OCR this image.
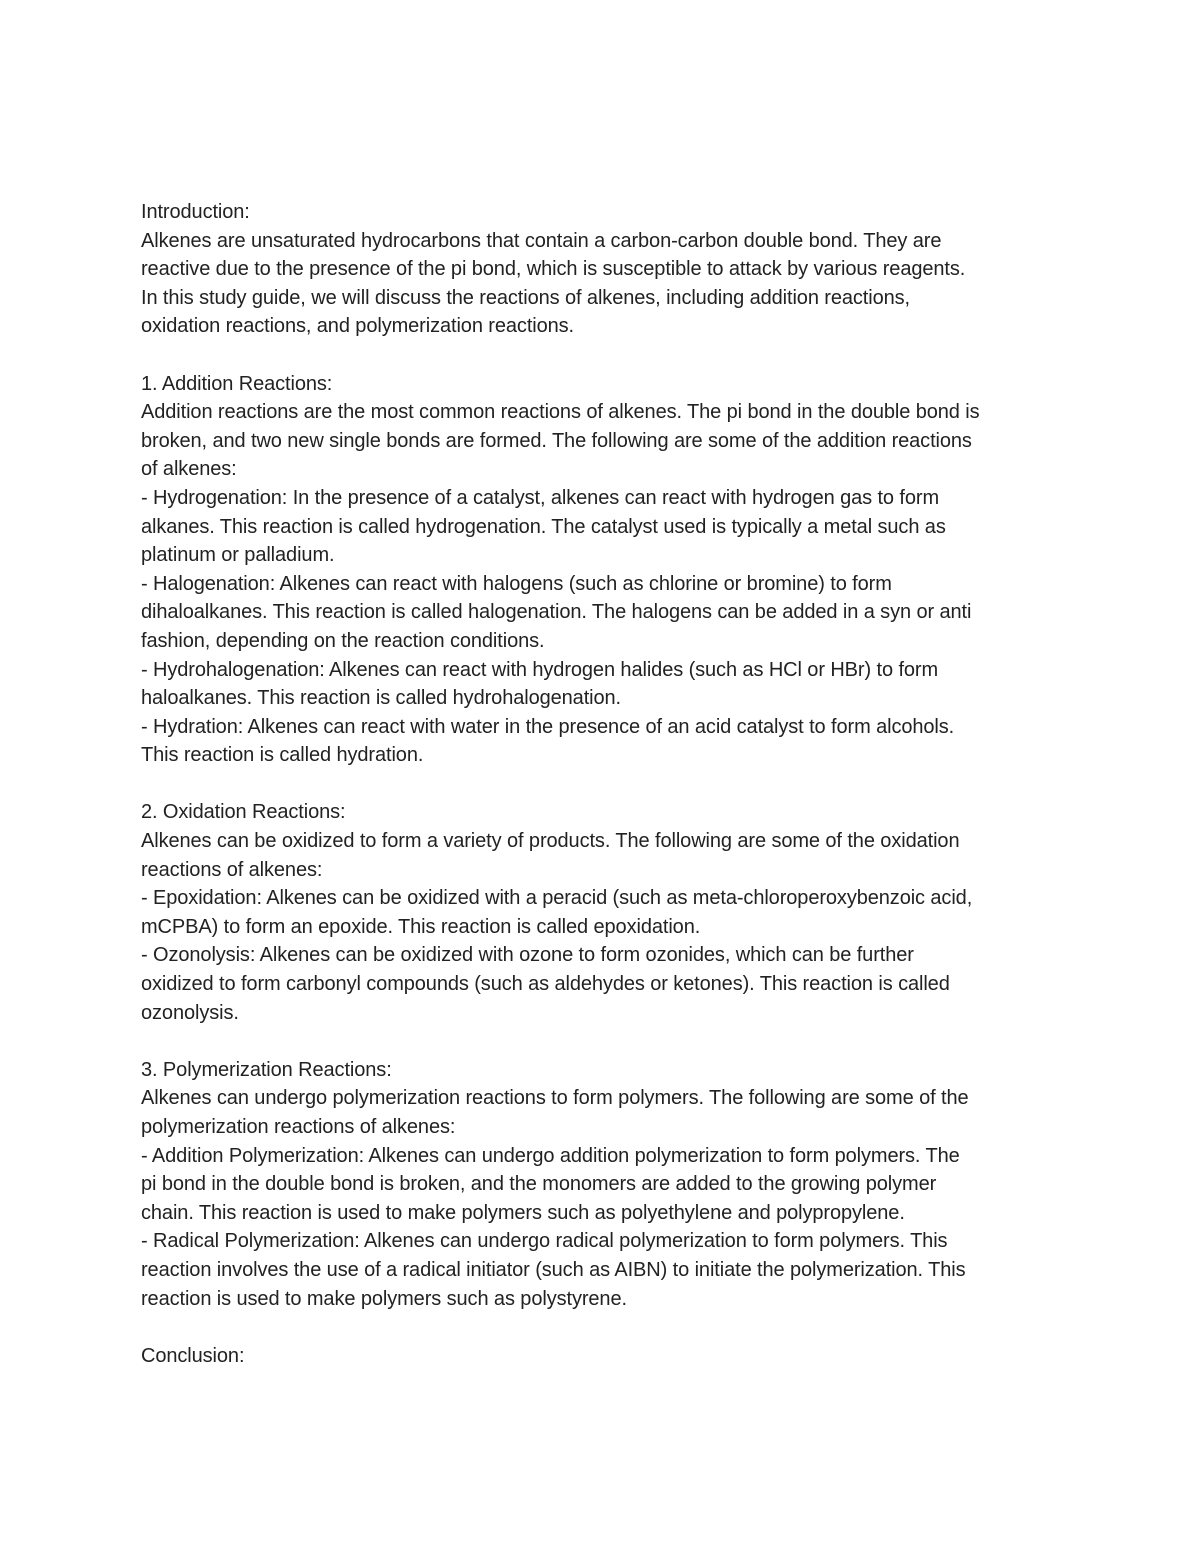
Introduction:
Alkenes are unsaturated hydrocarbons that contain a carbon-carbon double bond. They are
reactive due to the presence of the pi bond, which is susceptible to attack by various reagents.
In this study guide, we will discuss the reactions of alkenes, including addition reactions,
oxidation reactions, and polymerization reactions.
1. Addition Reactions:
Addition reactions are the most common reactions of alkenes. The pi bond in the double bond is
broken, and two new single bonds are formed. The following are some of the addition reactions
of alkenes:
- Hydrogenation: In the presence of a catalyst, alkenes can react with hydrogen gas to form
alkanes. This reaction is called hydrogenation. The catalyst used is typically a metal such as
platinum or palladium.
- Halogenation: Alkenes can react with halogens (such as chlorine or bromine) to form
dihaloalkanes. This reaction is called halogenation. The halogens can be added in a syn or anti
fashion, depending on the reaction conditions.
- Hydrohalogenation: Alkenes can react with hydrogen halides (such as HCl or HBr) to form
haloalkanes. This reaction is called hydrohalogenation.
- Hydration: Alkenes can react with water in the presence of an acid catalyst to form alcohols.
This reaction is called hydration.
2. Oxidation Reactions:
Alkenes can be oxidized to form a variety of products. The following are some of the oxidation
reactions of alkenes:
- Epoxidation: Alkenes can be oxidized with a peracid (such as meta-chloroperoxybenzoic acid,
mCPBA) to form an epoxide. This reaction is called epoxidation.
- Ozonolysis: Alkenes can be oxidized with ozone to form ozonides, which can be further
oxidized to form carbonyl compounds (such as aldehydes or ketones). This reaction is called
ozonolysis.
3. Polymerization Reactions:
Alkenes can undergo polymerization reactions to form polymers. The following are some of the
polymerization reactions of alkenes:
- Addition Polymerization: Alkenes can undergo addition polymerization to form polymers. The
pi bond in the double bond is broken, and the monomers are added to the growing polymer
chain. This reaction is used to make polymers such as polyethylene and polypropylene.
- Radical Polymerization: Alkenes can undergo radical polymerization to form polymers. This
reaction involves the use of a radical initiator (such as AIBN) to initiate the polymerization. This
reaction is used to make polymers such as polystyrene.
Conclusion:
